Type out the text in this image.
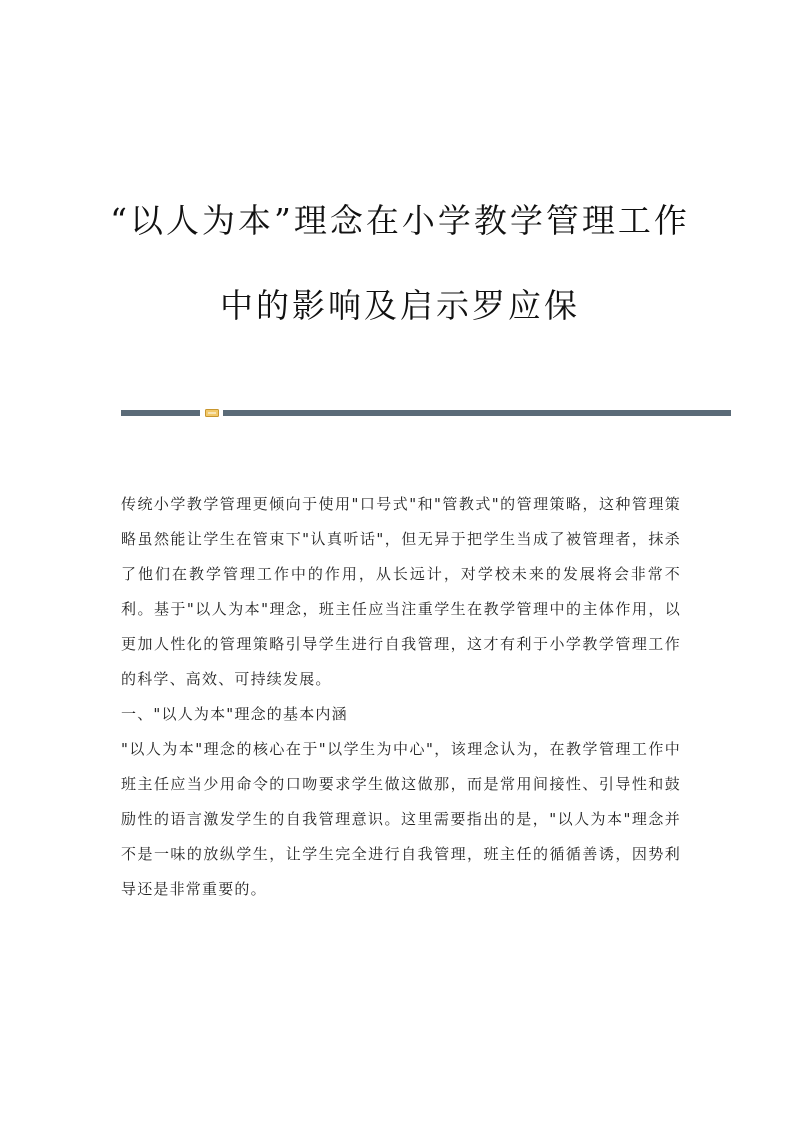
“以人为本”理念在小学教学管理工作
中的影响及启示罗应保

传统小学教学管理更倾向于使用"口号式"和"管教式"的管理策略，这种管理策略虽然能让学生在管束下"认真听话"，但无异于把学生当成了被管理者，抹杀了他们在教学管理工作中的作用，从长远计，对学校未来的发展将会非常不利。基于"以人为本"理念，班主任应当注重学生在教学管理中的主体作用，以更加人性化的管理策略引导学生进行自我管理，这才有利于小学教学管理工作的科学、高效、可持续发展。

一、"以人为本"理念的基本内涵

"以人为本"理念的核心在于"以学生为中心"，该理念认为，在教学管理工作中班主任应当少用命令的口吻要求学生做这做那，而是常用间接性、引导性和鼓励性的语言激发学生的自我管理意识。这里需要指出的是，"以人为本"理念并不是一味的放纵学生，让学生完全进行自我管理，班主任的循循善诱，因势利导还是非常重要的。
